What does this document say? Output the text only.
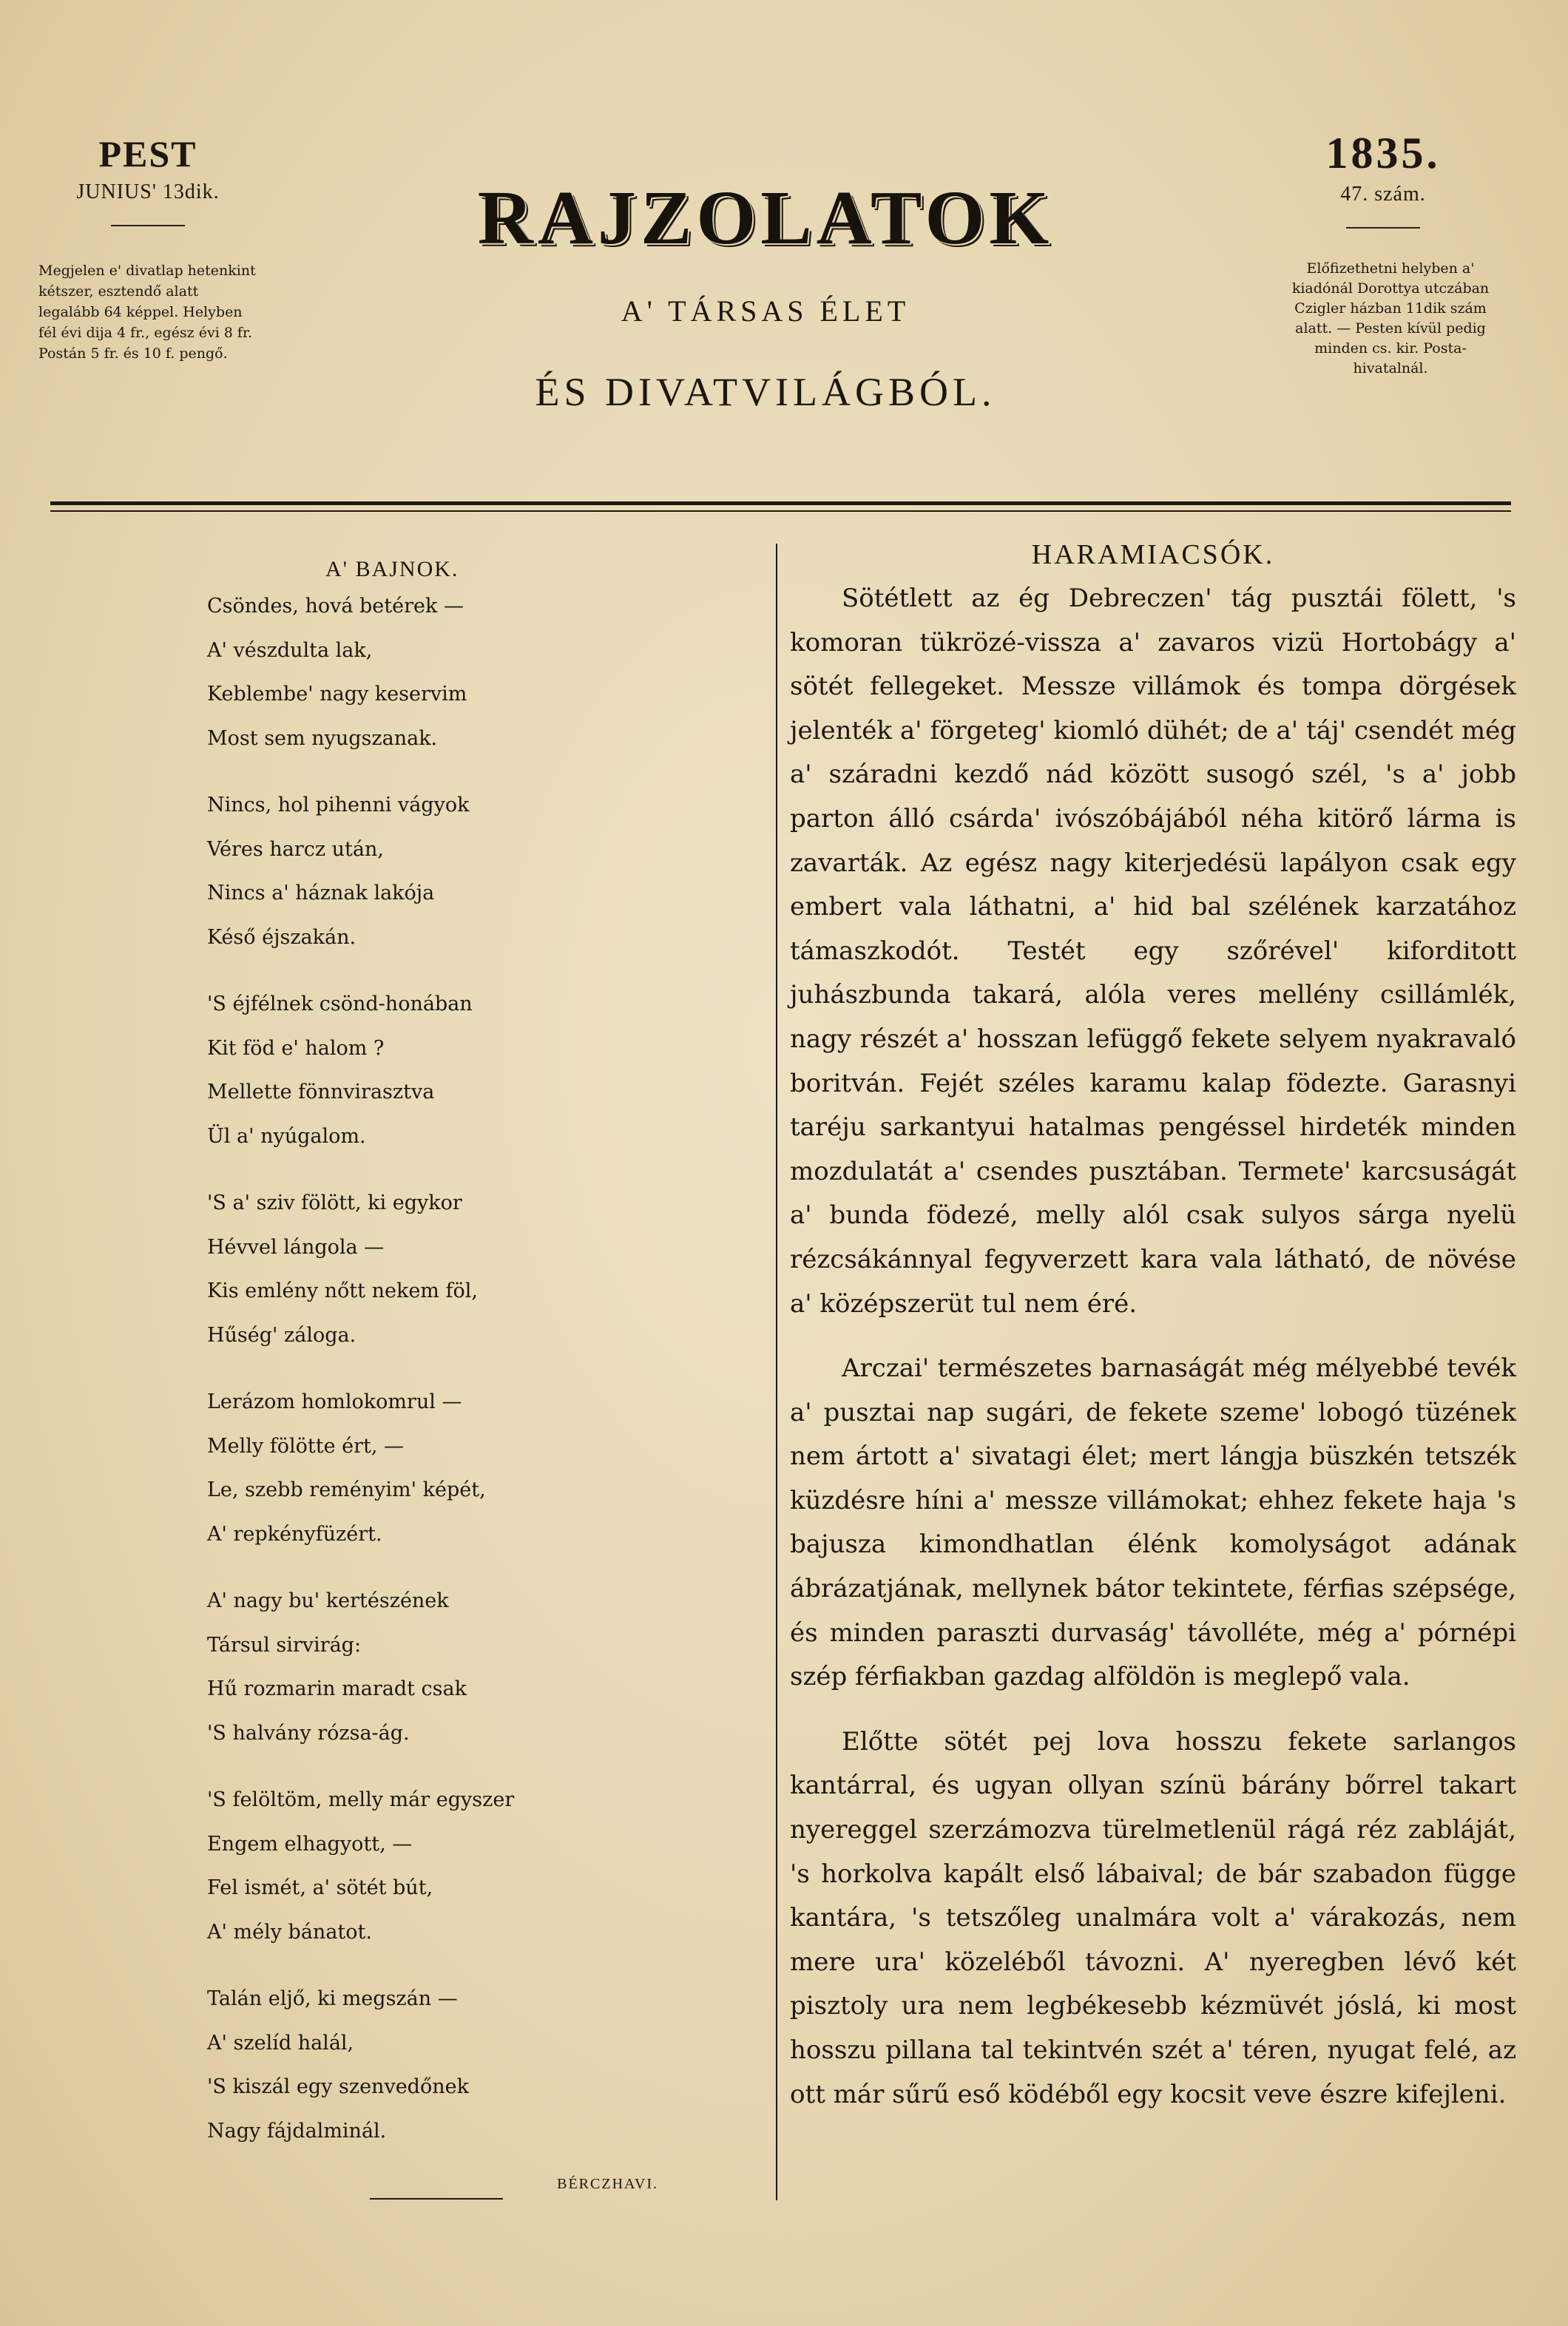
PEST
JUNIUS' 13dik.
Megjelen e' divatlap hetenkint kétszer, esztendő alatt legalább 64 képpel. Helyben fél évi dija 4 fr., egész évi 8 fr. Postán 5 fr. és 10 f. pengő.
RAJZOLATOK
A' TÁRSAS ÉLET
ÉS DIVATVILÁGBÓL.
1835.
47. szám.
Előfizethetni helyben a' kiadónál Dorottya utczában Czigler házban 11dik szám alatt. — Pesten kívül pedig minden cs. kir. Posta-hivatalnál.
A' BAJNOK.
Csöndes, hová betérek —
A' vészdulta lak,
Keblembe' nagy keservim
Most sem nyugszanak.
Nincs, hol pihenni vágyok
Véres harcz után,
Nincs a' háznak lakója
Késő éjszakán.
'S éjfélnek csönd-honában
Kit föd e' halom ?
Mellette fönnvirasztva
Ül a' nyúgalom.
'S a' sziv fölött, ki egykor
Hévvel lángola —
Kis emlény nőtt nekem föl,
Hűség' záloga.
Lerázom homlokomrul —
Melly fölötte ért, —
Le, szebb reményim' képét,
A' repkényfüzért.
A' nagy bu' kertészének
Társul sirvirág:
Hű rozmarin maradt csak
'S halvány rózsa-ág.
'S felöltöm, melly már egyszer
Engem elhagyott, —
Fel ismét, a' sötét bút,
A' mély bánatot.
Talán eljő, ki megszán —
A' szelíd halál,
'S kiszál egy szenvedőnek
Nagy fájdalminál.
BÉRCZHAVI.
HARAMIACSÓK.

Sötétlett az ég Debreczen' tág pusztái fölett, 's komoran tükrözé-vissza a' zavaros vizü Hortobágy a' sötét fellegeket. Messze villámok és tompa dörgések jelenték a' förgeteg' kiomló dühét; de a' táj' csendét még a' száradni kezdő nád között susogó szél, 's a' jobb parton álló csárda' ivószóbájából néha kitörő lárma is zavarták. Az egész nagy kiterjedésü lapályon csak egy embert vala láthatni, a' hid bal szélének karzatához támaszkodót. Testét egy szőrével' kiforditott juhászbunda takará, alóla veres mellény csillámlék, nagy részét a' hosszan lefüggő fekete selyem nyakravaló boritván. Fejét széles karamu kalap födezte. Garasnyi taréju sarkantyui hatalmas pengéssel hirdeték minden mozdulatát a' csendes pusztában. Termete' karcsuságát a' bunda födezé, melly alól csak sulyos sárga nyelü rézcsákánnyal fegyverzett kara vala látható, de növése a' középszerüt tul nem éré.

Arczai' természetes barnaságát még mélyebbé tevék a' pusztai nap sugári, de fekete szeme' lobogó tüzének nem ártott a' sivatagi élet; mert lángja büszkén tetszék küzdésre híni a' messze villámokat; ehhez fekete haja 's bajusza kimondhatlan élénk komolyságot adának ábrázatjának, mellynek bátor tekintete, férfias szépsége, és minden paraszti durvaság' távolléte, még a' pórnépi szép férfiakban gazdag alföldön is meglepő vala.

Előtte sötét pej lova hosszu fekete sarlangos kantárral, és ugyan ollyan színü bárány bőrrel takart nyereggel szerzámozva türelmetlenül rágá réz zabláját, 's horkolva kapált első lábaival; de bár szabadon függe kantára, 's tetszőleg unalmára volt a' várakozás, nem mere ura' közeléből távozni. A' nyeregben lévő két pisztoly ura nem legbékesebb kézmüvét jóslá, ki most hosszu pillana tal tekintvén szét a' téren, nyugat felé, az ott már sűrű eső ködéből egy kocsit veve észre kifejleni.
